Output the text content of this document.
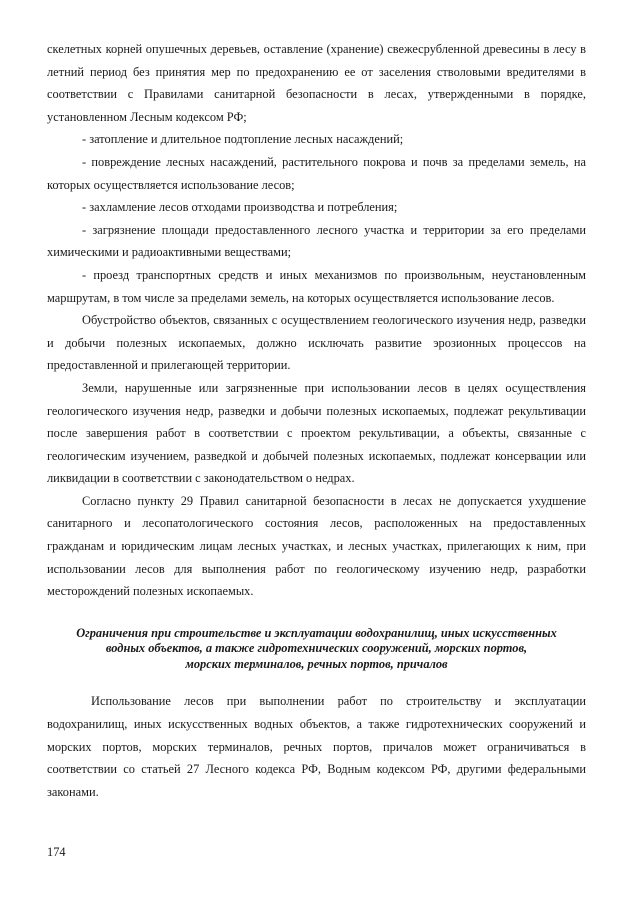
скелетных корней опушечных деревьев, оставление (хранение) свежесрубленной древесины в лесу в летний период без принятия мер по предохранению ее от заселения стволовыми вредителями в соответствии с Правилами санитарной безопасности в лесах, утвержденными в порядке, установленном Лесным кодексом РФ;

- затопление и длительное подтопление лесных насаждений;

- повреждение лесных насаждений, растительного покрова и почв за пределами земель, на которых осуществляется использование лесов;

- захламление лесов отходами производства и потребления;

- загрязнение площади предоставленного лесного участка и территории за его пределами химическими и радиоактивными веществами;

- проезд транспортных средств и иных механизмов по произвольным, неустановленным маршрутам, в том числе за пределами земель, на которых осуществляется использование лесов.

Обустройство объектов, связанных с осуществлением геологического изучения недр, разведки и добычи полезных ископаемых, должно исключать развитие эрозионных процессов на предоставленной и прилегающей территории.

Земли, нарушенные или загрязненные при использовании лесов в целях осуществления геологического изучения недр, разведки и добычи полезных ископаемых, подлежат рекультивации после завершения работ в соответствии с проектом рекультивации, а объекты, связанные с геологическим изучением, разведкой и добычей полезных ископаемых, подлежат консервации или ликвидации в соответствии с законодательством о недрах.

Согласно пункту 29 Правил санитарной безопасности в лесах не допускается ухудшение санитарного и лесопатологического состояния лесов, расположенных на предоставленных гражданам и юридическим лицам лесных участках, и лесных участках, прилегающих к ним, при использовании лесов для выполнения работ по геологическому изучению недр, разработки месторождений полезных ископаемых.

Ограничения при строительстве и эксплуатации водохранилищ, иных искусственных
водных объектов, а также гидротехнических сооружений, морских портов,
морских терминалов, речных портов, причалов

Использование лесов при выполнении работ по строительству и эксплуатации водохранилищ, иных искусственных водных объектов, а также гидротехнических сооружений и морских портов, морских терминалов, речных портов, причалов может ограничиваться в соответствии со статьей 27 Лесного кодекса РФ, Водным кодексом РФ, другими федеральными законами.

174
